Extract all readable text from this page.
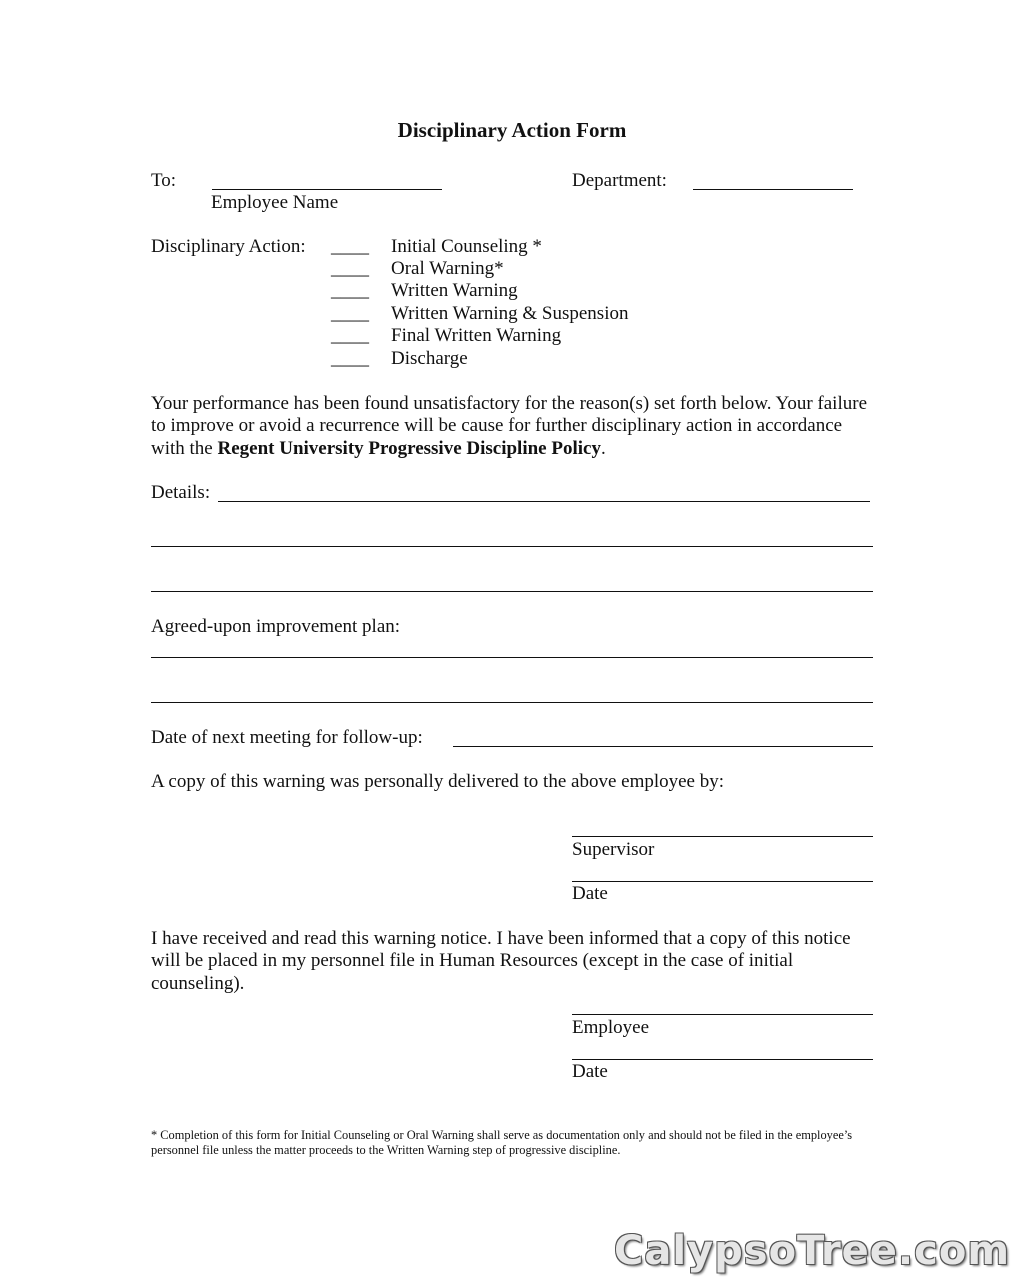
Disciplinary Action Form
To:
Employee Name
Department:
Disciplinary Action: ____ Initial Counseling *
____ Oral Warning*
____ Written Warning
____ Written Warning & Suspension
____ Final Written Warning
____ Discharge
Your performance has been found unsatisfactory for the reason(s) set forth below. Your failure to improve or avoid a recurrence will be cause for further disciplinary action in accordance with the Regent University Progressive Discipline Policy.
Details:
Agreed-upon improvement plan:
Date of next meeting for follow-up:
A copy of this warning was personally delivered to the above employee by:
Supervisor
Date
I have received and read this warning notice. I have been informed that a copy of this notice will be placed in my personnel file in Human Resources (except in the case of initial counseling).
Employee
Date
* Completion of this form for Initial Counseling or Oral Warning shall serve as documentation only and should not be filed in the employee’s personnel file unless the matter proceeds to the Written Warning step of progressive discipline.
CalypsoTree.com
